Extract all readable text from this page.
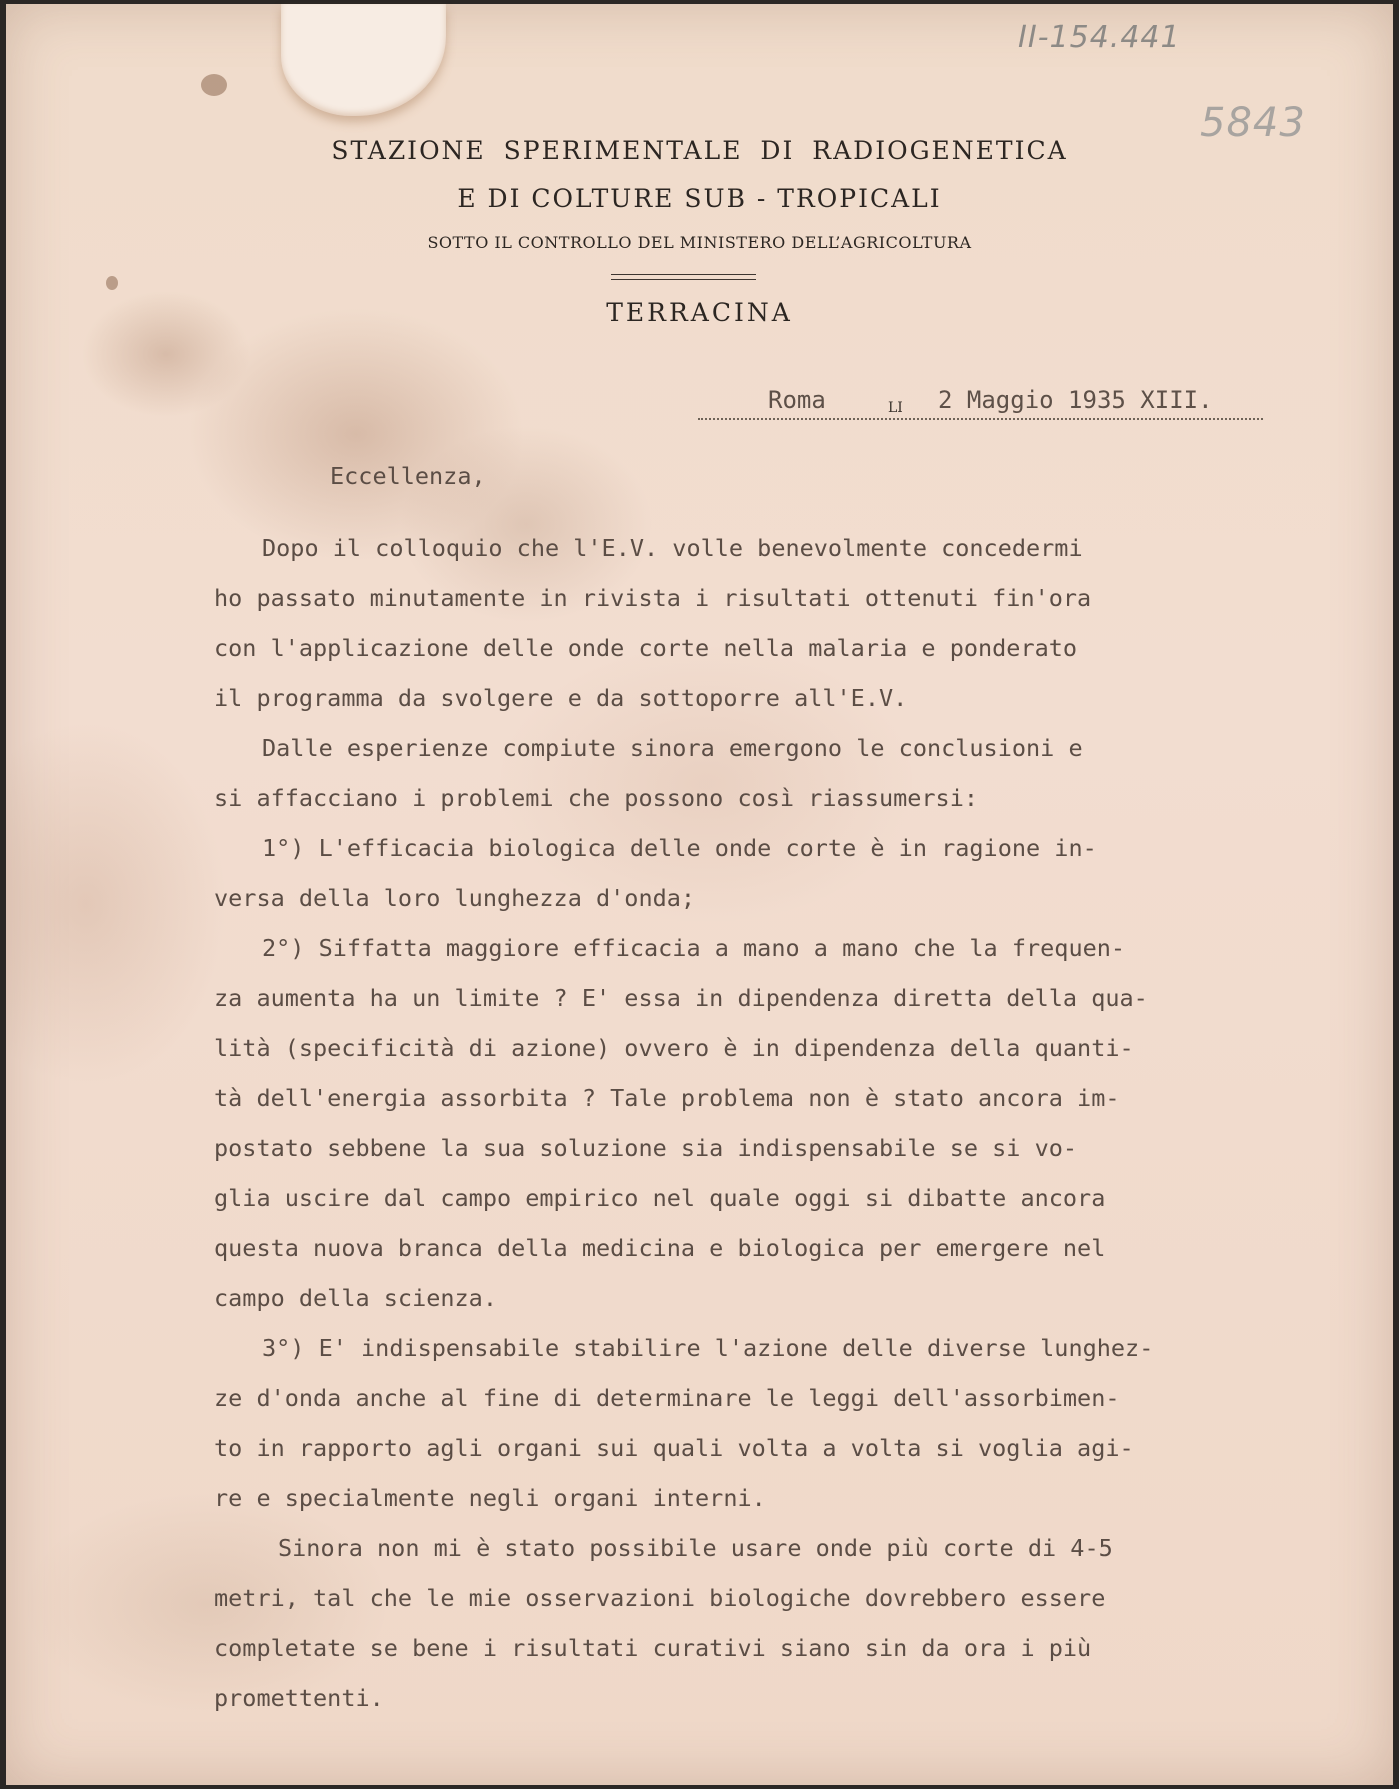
II-154.441
5843
STAZIONE SPERIMENTALE DI RADIOGENETICA
E DI COLTURE SUB - TROPICALI
SOTTO IL CONTROLLO DEL MINISTERO DELL’AGRICOLTURA
TERRACINA
Roma	LI 2 Maggio 1935 XIII.
Eccellenza,
Dopo il colloquio che l'E.V. volle benevolmente concedermi
ho passato minutamente in rivista i risultati ottenuti fin'ora
con l'applicazione delle onde corte nella malaria e ponderato
il programma da svolgere e da sottoporre all'E.V.
Dalle esperienze compiute sinora emergono le conclusioni e
si affacciano i problemi che possono così riassumersi:
1°) L'efficacia biologica delle onde corte è in ragione in-
versa della loro lunghezza d'onda;
2°) Siffatta maggiore efficacia a mano a mano che la frequen-
za aumenta ha un limite ? E' essa in dipendenza diretta della qua-
lità (specificità di azione) ovvero è in dipendenza della quanti-
tà dell'energia assorbita ? Tale problema non è stato ancora im-
postato sebbene la sua soluzione sia indispensabile se si vo-
glia uscire dal campo empirico nel quale oggi si dibatte ancora
questa nuova branca della medicina e biologica per emergere nel
campo della scienza.
3°) E' indispensabile stabilire l'azione delle diverse lunghez-
ze d'onda anche al fine di determinare le leggi dell'assorbimen-
to in rapporto agli organi sui quali volta a volta si voglia agi-
re e specialmente negli organi interni.
Sinora non mi è stato possibile usare onde più corte di 4-5
metri, tal che le mie osservazioni biologiche dovrebbero essere
completate se bene i risultati curativi siano sin da ora i più
promettenti.
